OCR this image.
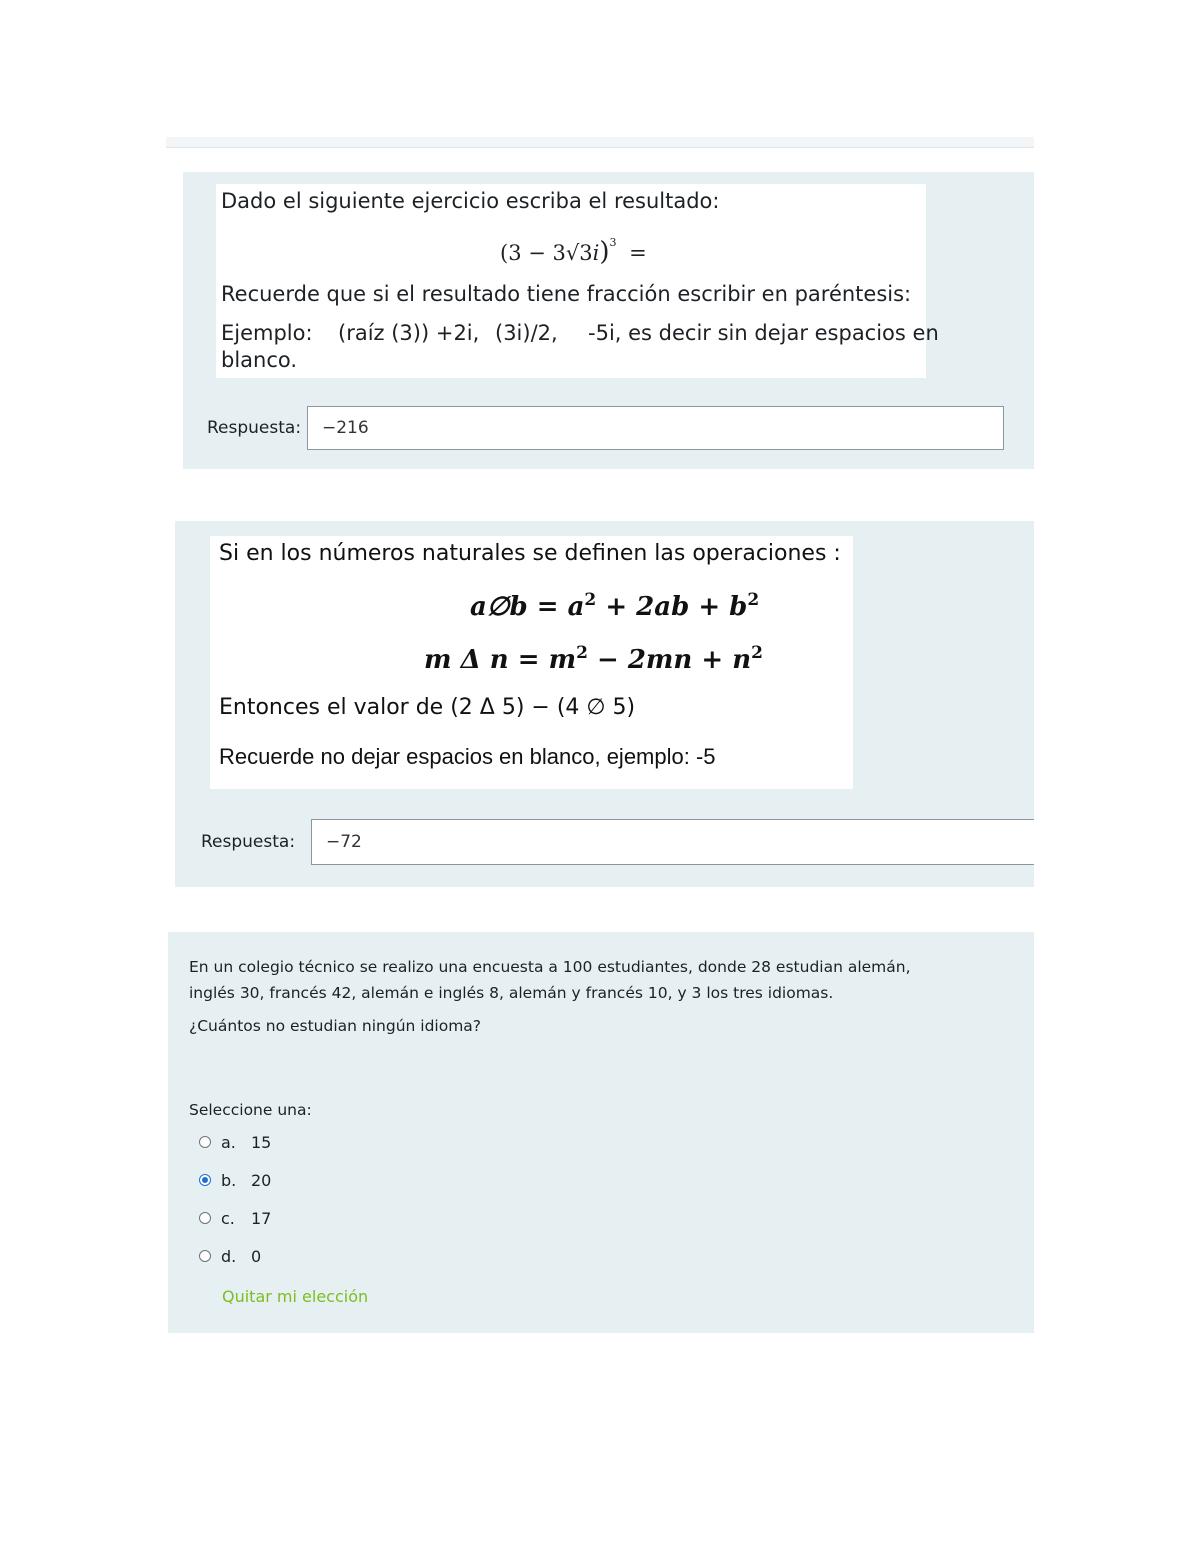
Dado el siguiente ejercicio escriba el resultado:
$(3 - 3√3i)^3$ =
Recuerde que si el resultado tiene fracción escribir en paréntesis:
Ejemplo: (raíz (3)) +2i, (3i)/2, -5i, es decir sin dejar espacios en
blanco.
Respuesta:
−216
Si en los números naturales se definen las operaciones :
a∅b = $a^2 + 2ab + b^2$
m Δ $n = m^2 - 2mn + n^2$
Entonces el valor de (2 Δ 5) − (4 ∅ 5)
Recuerde no dejar espacios en blanco, ejemplo: -5
Respuesta:
−72
En un colegio técnico se realizo una encuesta a 100 estudiantes, donde 28 estudian alemán,
inglés 30, francés 42, alemán e inglés 8, alemán y francés 10, y 3 los tres idiomas.
¿Cuántos no estudian ningún idioma?
Seleccione una:
a. 15
b. 20
c.	17
d. 0
Quitar mi elección
